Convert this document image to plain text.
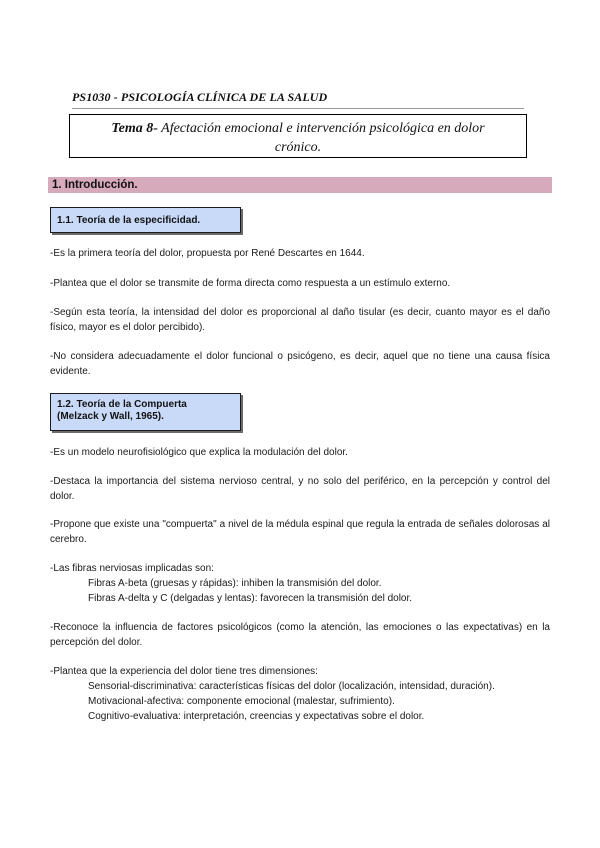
PS1030 - PSICOLOGÍA CLÍNICA DE LA SALUD
Tema 8- Afectación emocional e intervención psicológica en dolor crónico.
1. Introducción.
1.1. Teoría de la especificidad.

-Es la primera teoría del dolor, propuesta por René Descartes en 1644.

-Plantea que el dolor se transmite de forma directa como respuesta a un estímulo externo.

-Según esta teoría, la intensidad del dolor es proporcional al daño tisular (es decir, cuanto mayor es el daño físico, mayor es el dolor percibido).

-No considera adecuadamente el dolor funcional o psicógeno, es decir, aquel que no tiene una causa física evidente.

1.2. Teoría de la Compuerta
(Melzack y Wall, 1965).

-Es un modelo neurofisiológico que explica la modulación del dolor.

-Destaca la importancia del sistema nervioso central, y no solo del periférico, en la percepción y control del dolor.

-Propone que existe una "compuerta" a nivel de la médula espinal que regula la entrada de señales dolorosas al cerebro.

-Las fibras nerviosas implicadas son:

Fibras A-beta (gruesas y rápidas): inhiben la transmisión del dolor.

Fibras A-delta y C (delgadas y lentas): favorecen la transmisión del dolor.

-Reconoce la influencia de factores psicológicos (como la atención, las emociones o las expectativas) en la percepción del dolor.

-Plantea que la experiencia del dolor tiene tres dimensiones:

Sensorial-discriminativa: características físicas del dolor (localización, intensidad, duración).

Motivacional-afectiva: componente emocional (malestar, sufrimiento).

Cognitivo-evaluativa: interpretación, creencias y expectativas sobre el dolor.
